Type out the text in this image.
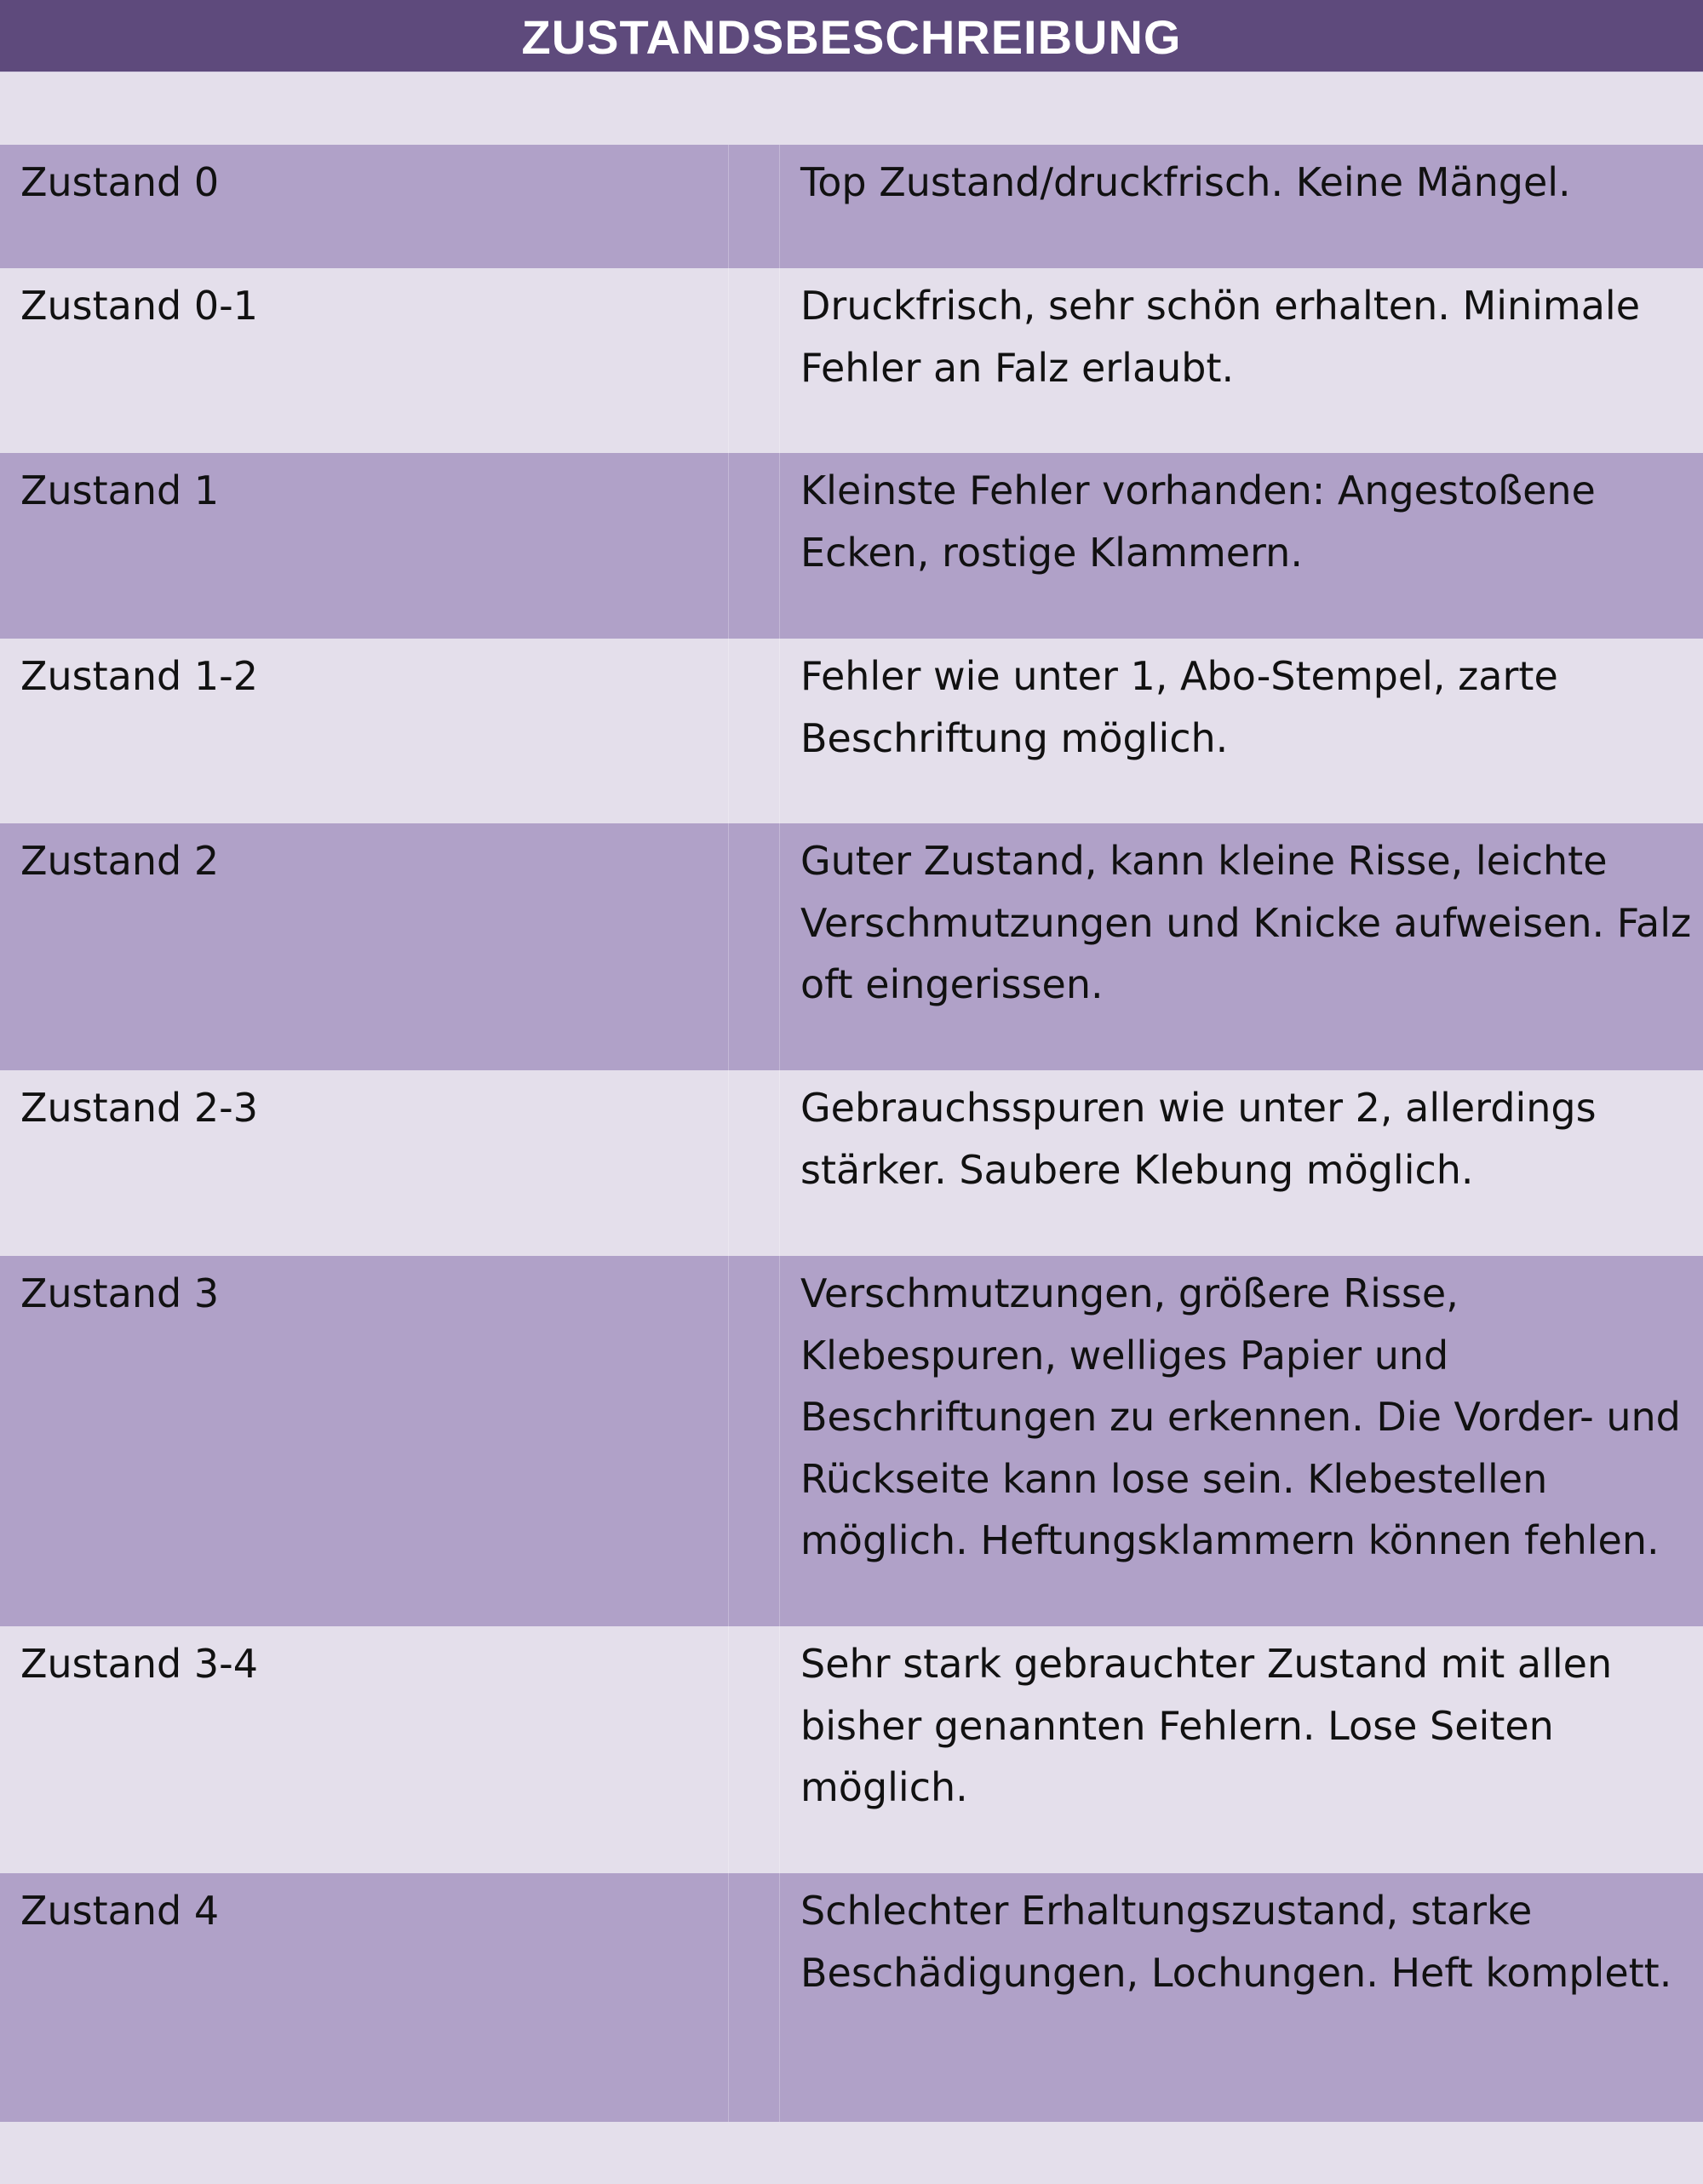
ZUSTANDSBESCHREIBUNG
Zustand 0	Top Zustand/druckfrisch. Keine Mängel.
Zustand 0-1	Druckfrisch, sehr schön erhalten. Minimale Fehler an Falz erlaubt.
Zustand 1	Kleinste Fehler vorhanden: Angestoßene Ecken, rostige Klammern.
Zustand 1-2	Fehler wie unter 1, Abo-Stempel, zarte Beschriftung möglich.
Zustand 2	Guter Zustand, kann kleine Risse, leichte Verschmutzungen und Knicke aufweisen. Falz oft eingerissen.
Zustand 2-3	Gebrauchsspuren wie unter 2, allerdings stärker. Saubere Klebung möglich.
Zustand 3	Verschmutzungen, größere Risse, Klebespuren, welliges Papier und Beschriftungen zu erkennen. Die Vorder- und Rückseite kann lose sein. Klebestellen möglich. Heftungsklammern können fehlen.
Zustand 3-4	Sehr stark gebrauchter Zustand mit allen bisher genannten Fehlern. Lose Seiten möglich.
Zustand 4	Schlechter Erhaltungszustand, starke Beschädigungen, Lochungen. Heft komplett.
